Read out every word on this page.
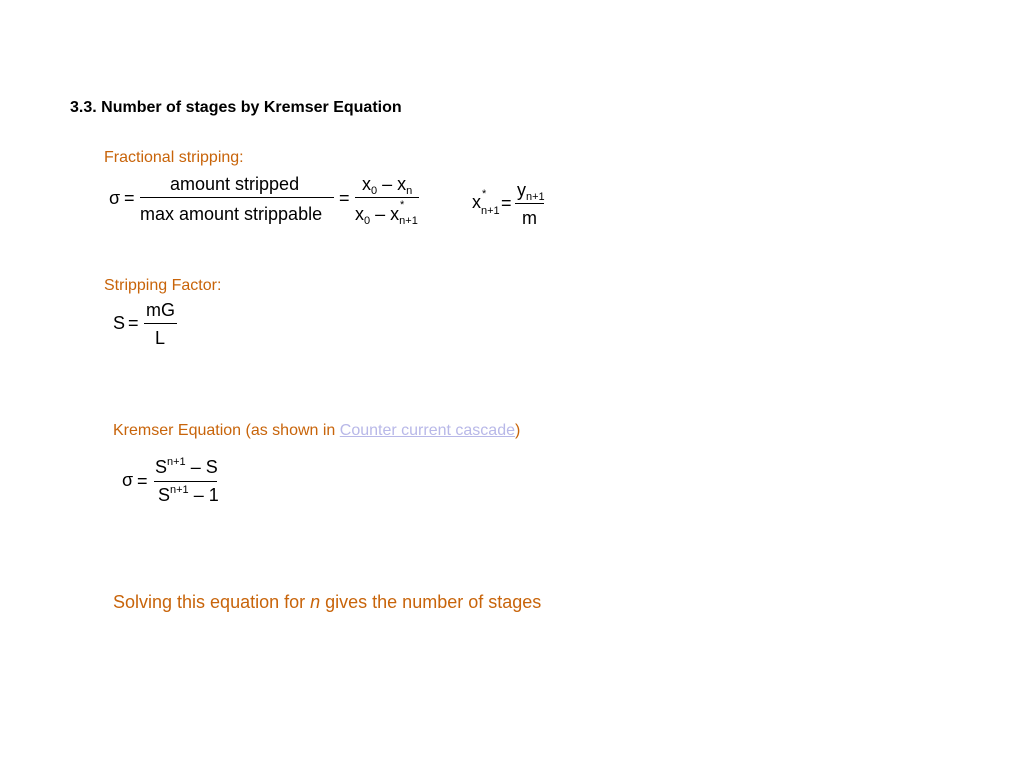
3.3. Number of stages by Kremser Equation
Fractional stripping:
σ =
amount stripped
max amount strippable
=
$x_0 - x_n$
$x_0 - x_{n+1}$
*	x *
n+1 =
$y_{n+1}$
m
Stripping Factor:
S =
mG
L
Kremser Equation (as shown in Counter current cascade)
σ =
$S^{n+1}$ – S
$S^{n+1} - 1$
Solving this equation for n gives the number of stages
